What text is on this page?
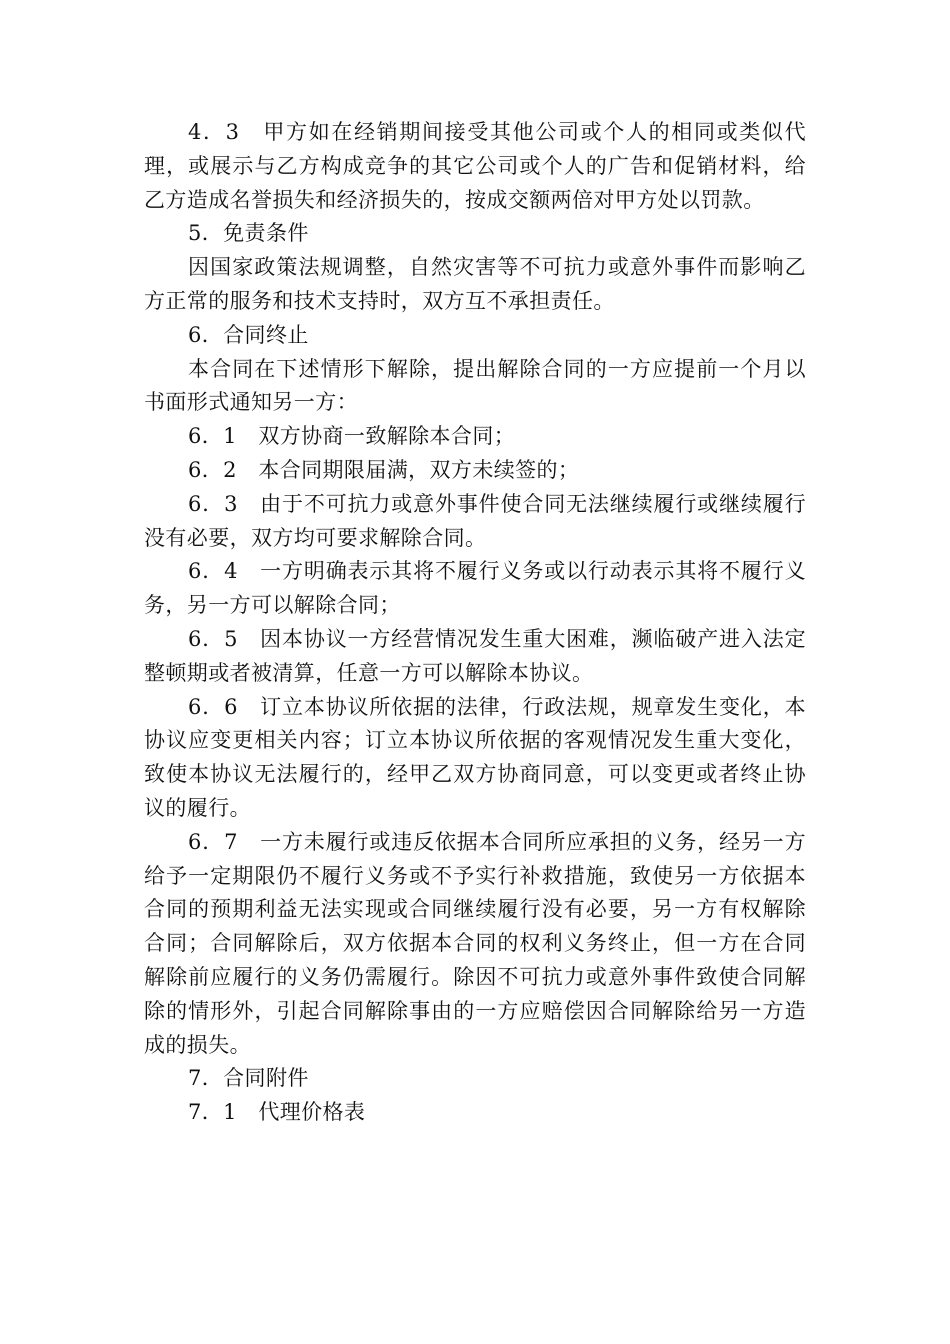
4．3　甲方如在经销期间接受其他公司或个人的相同或类似代理，或展示与乙方构成竞争的其它公司或个人的广告和促销材料，给乙方造成名誉损失和经济损失的，按成交额两倍对甲方处以罚款。

5．免责条件

因国家政策法规调整，自然灾害等不可抗力或意外事件而影响乙方正常的服务和技术支持时，双方互不承担责任。

6．合同终止

本合同在下述情形下解除，提出解除合同的一方应提前一个月以书面形式通知另一方：

6．1　双方协商一致解除本合同；

6．2　本合同期限届满，双方未续签的；

6．3　由于不可抗力或意外事件使合同无法继续履行或继续履行没有必要，双方均可要求解除合同。

6．4　一方明确表示其将不履行义务或以行动表示其将不履行义务，另一方可以解除合同；

6．5　因本协议一方经营情况发生重大困难，濒临破产进入法定整顿期或者被清算，任意一方可以解除本协议。

6．6　订立本协议所依据的法律，行政法规，规章发生变化，本协议应变更相关内容；订立本协议所依据的客观情况发生重大变化，致使本协议无法履行的，经甲乙双方协商同意，可以变更或者终止协议的履行。

6．7　一方未履行或违反依据本合同所应承担的义务，经另一方给予一定期限仍不履行义务或不予实行补救措施，致使另一方依据本合同的预期利益无法实现或合同继续履行没有必要，另一方有权解除合同；合同解除后，双方依据本合同的权利义务终止，但一方在合同解除前应履行的义务仍需履行。除因不可抗力或意外事件致使合同解除的情形外，引起合同解除事由的一方应赔偿因合同解除给另一方造成的损失。

7．合同附件

7．1　代理价格表
